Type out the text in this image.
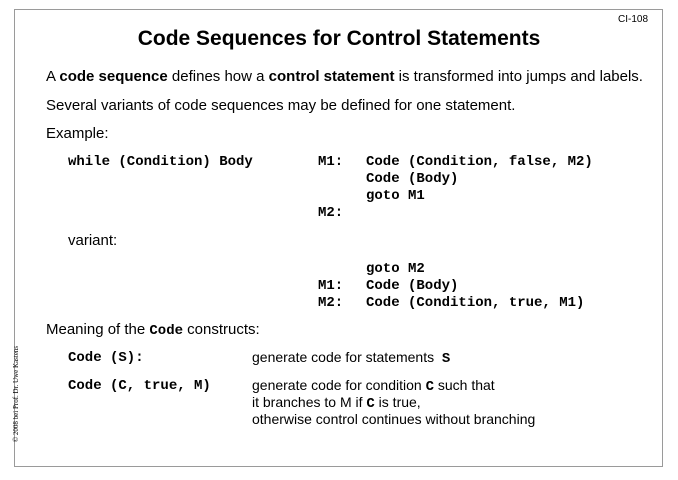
CI-108
Code Sequences for Control Statements
A code sequence defines how a control statement is transformed into jumps and labels.
Several variants of code sequences may be defined for one statement.
Example:
while (Condition) Body	M1: Code (Condition, false, M2)
Code (Body)
goto M1
M2:
variant:
goto M2
M1: Code (Body)
M2: Code (Condition, true, M1)
Meaning of the Code constructs:
Code (S):	generate code for statements S
Code (C, true, M)	generate code for condition C such that
it branches to M if C is true,
otherwise control continues without branching
© 2008 bei Prof. Dr. Uwe Kastens
